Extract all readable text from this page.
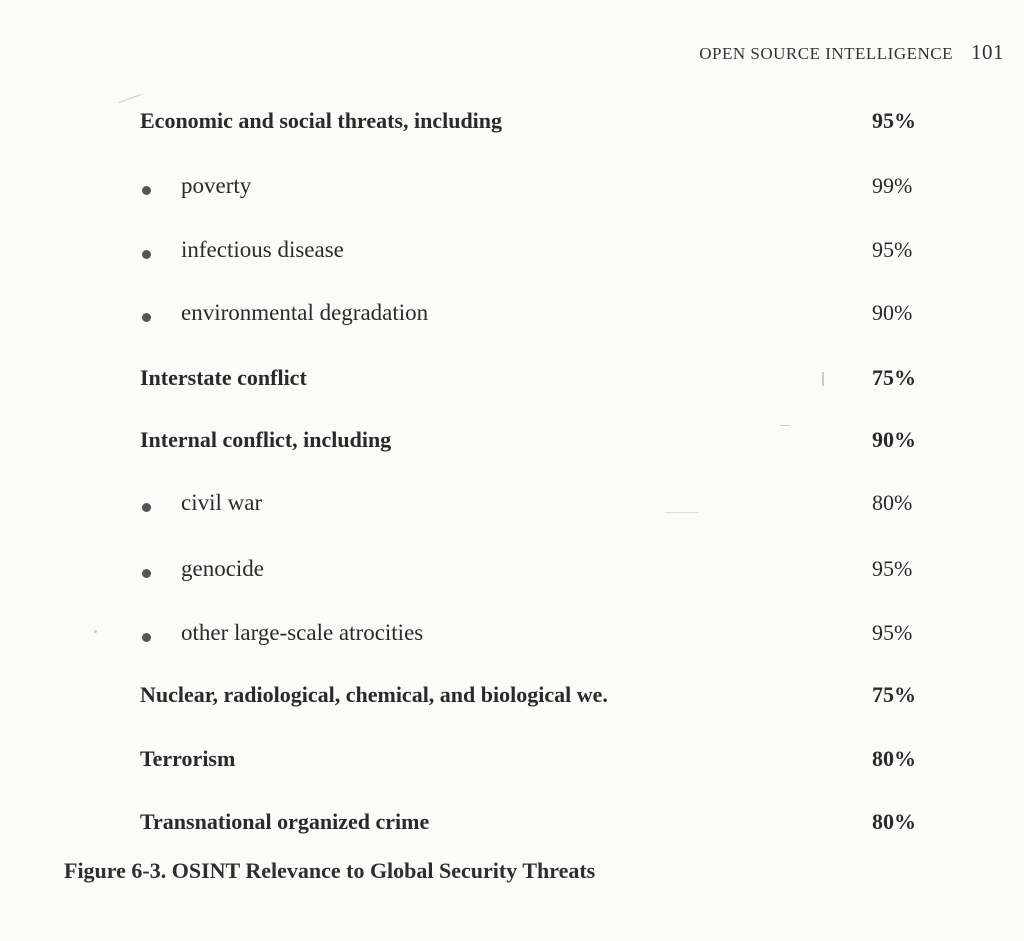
OPEN SOURCE INTELLIGENCE 101
Economic and social threats, including	95%
poverty	99%
infectious disease	95%
environmental degradation	90%
Interstate conflict	75%
Internal conflict, including	90%
civil war	80%
genocide	95%
other large-scale atrocities	95%
Nuclear, radiological, chemical, and biological we.	75%
Terrorism	80%
Transnational organized crime	80%
Figure 6-3. OSINT Relevance to Global Security Threats
